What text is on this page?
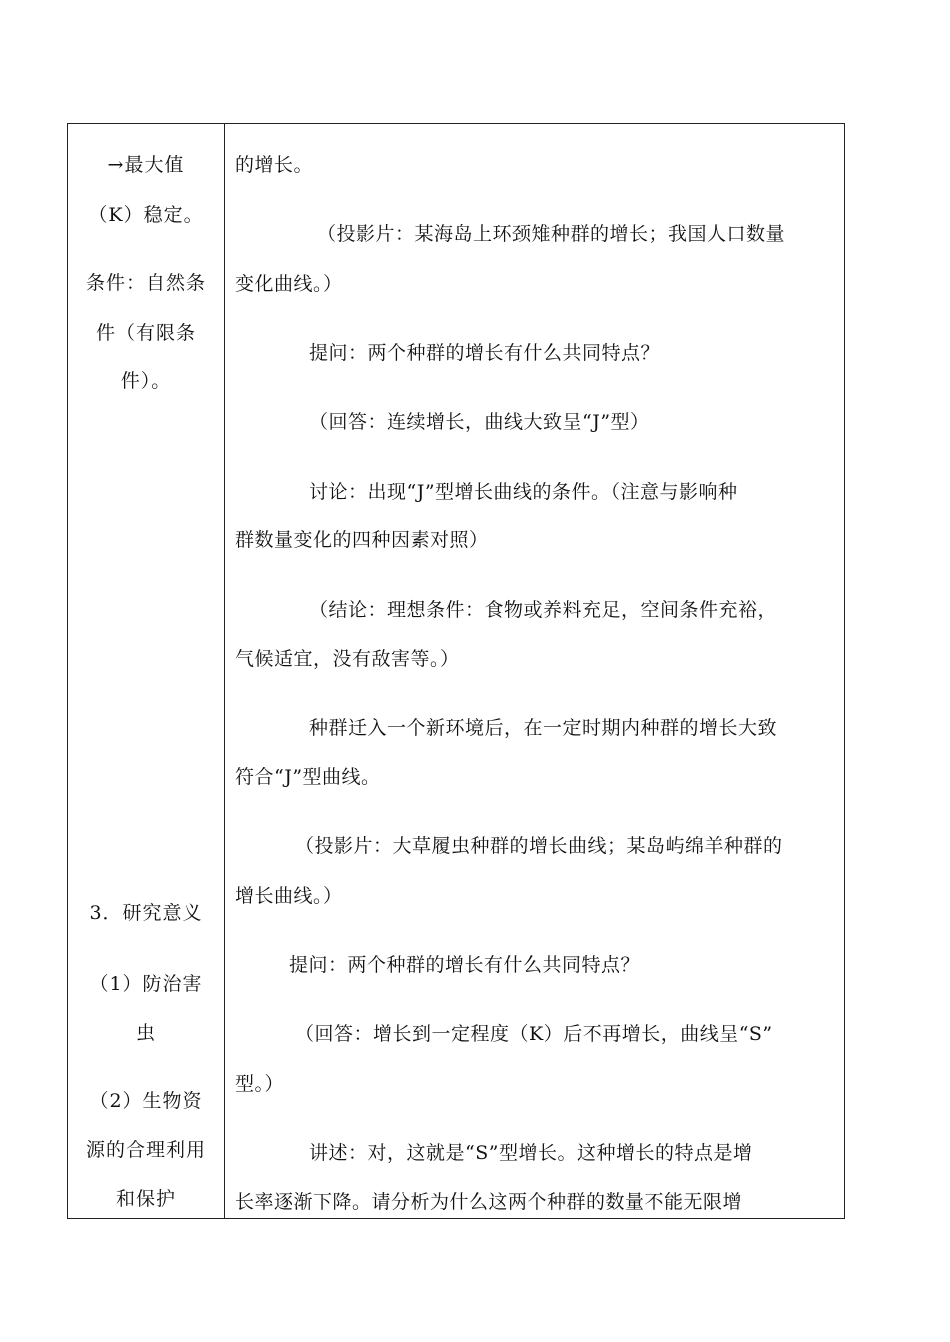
→最大值
（K）稳定。
条件：自然条
件（有限条
件）。
3．研究意义
（1）防治害
虫
（2）生物资
源的合理利用
和保护
的增长。
（投影片：某海岛上环颈雉种群的增长；我国人口数量
变化曲线。）
提问：两个种群的增长有什么共同特点？
（回答：连续增长，曲线大致呈“J”型）
讨论：出现“J”型增长曲线的条件。（注意与影响种
群数量变化的四种因素对照）
（结论：理想条件：食物或养料充足，空间条件充裕，
气候适宜，没有敌害等。）
种群迁入一个新环境后，在一定时期内种群的增长大致
符合“J”型曲线。
（投影片：大草履虫种群的增长曲线；某岛屿绵羊种群的
增长曲线。）
提问：两个种群的增长有什么共同特点？
（回答：增长到一定程度（K）后不再增长，曲线呈“S”
型。）
讲述：对，这就是“S”型增长。这种增长的特点是增
长率逐渐下降。请分析为什么这两个种群的数量不能无限增
